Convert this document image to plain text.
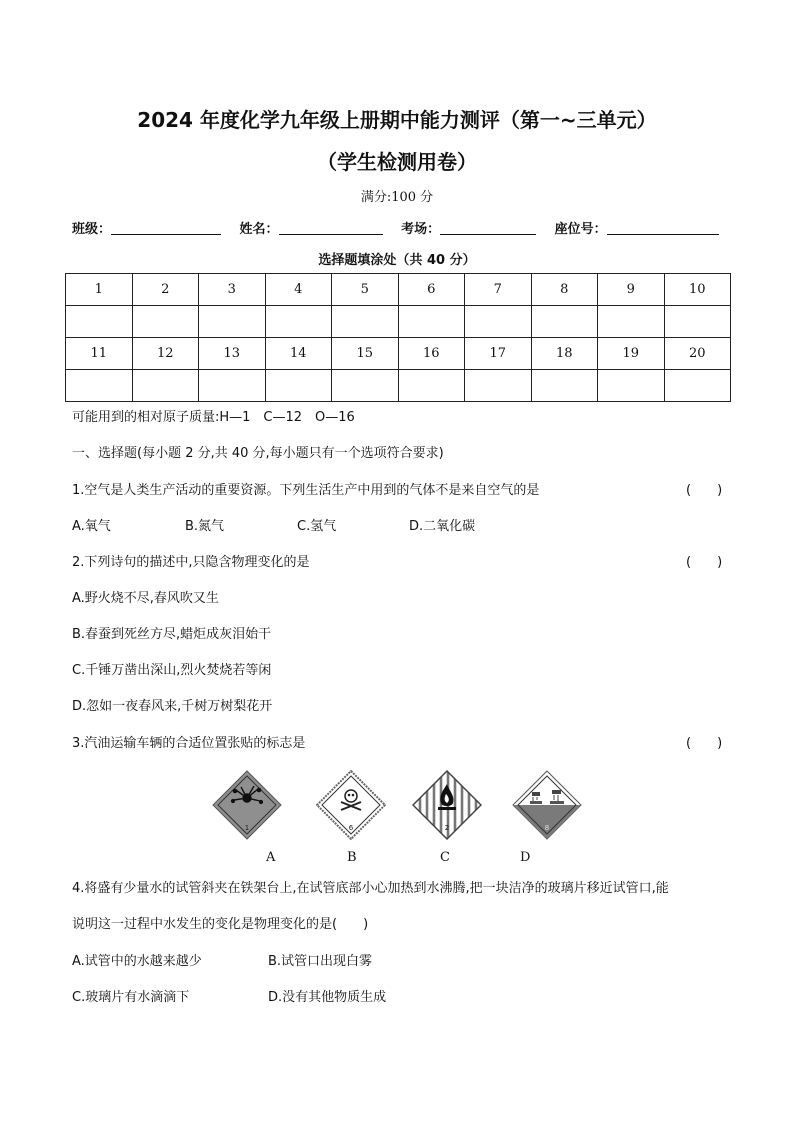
2024 年度化学九年级上册期中能力测评（第一~三单元）
（学生检测用卷）
满分:100 分
班级：	姓名：	考场：	座位号：
选择题填涂处（共 40 分）
1	2	3	4	5	6	7	8	9	10

11	12	13	14	15	16	17	18	19	20

可能用到的相对原子质量:H—1　C—12　O—16
一、选择题(每小题 2 分,共 40 分,每小题只有一个选项符合要求)
1.空气是人类生产活动的重要资源。下列生活生产中用到的气体不是来自空气的是	(　　)
A.氧气	B.氮气	C.氢气	D.二氧化碳
2.下列诗句的描述中,只隐含物理变化的是	(　　)
A.野火烧不尽,春风吹又生
B.春蚕到死丝方尽,蜡炬成灰泪始干
C.千锤万凿出深山,烈火焚烧若等闲
D.忽如一夜春风来,千树万树梨花开
3.汽油运输车辆的合适位置张贴的标志是	(　　)
1	6	2	8
A	B	C	D
4.将盛有少量水的试管斜夹在铁架台上,在试管底部小心加热到水沸腾,把一块洁净的玻璃片移近试管口,能
说明这一过程中水发生的变化是物理变化的是(　　)
A.试管中的水越来越少	B.试管口出现白雾
C.玻璃片有水滴滴下	D.没有其他物质生成
